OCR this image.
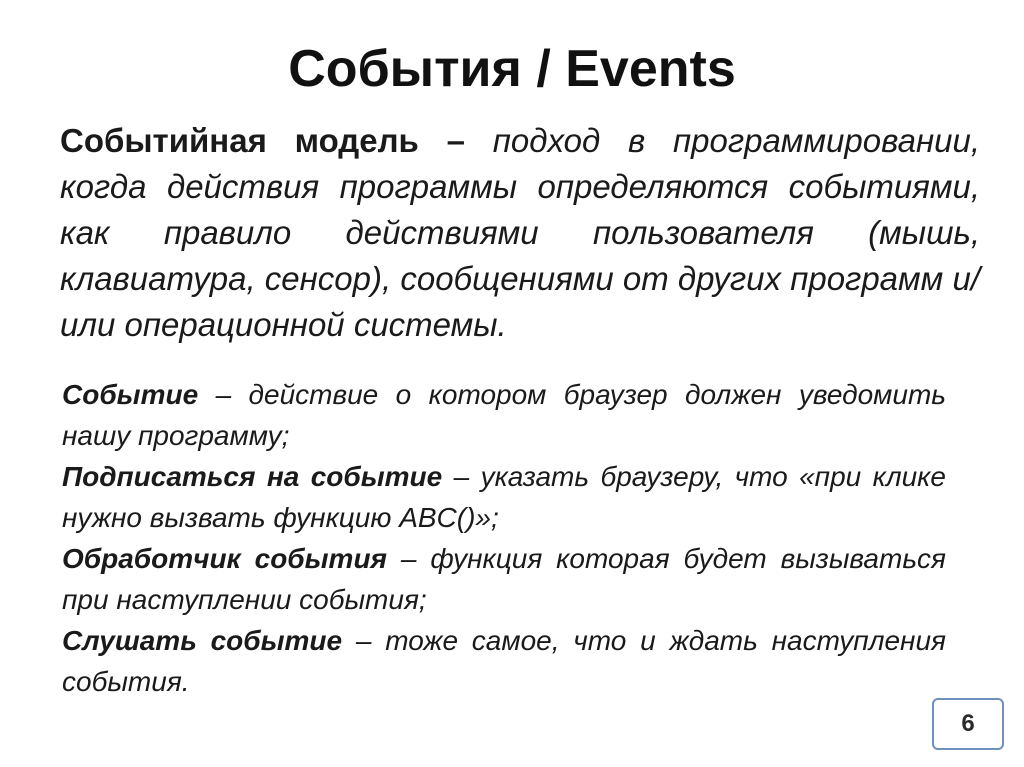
События / Events

Событийная модель – подход в программировании, когда действия программы определяются событиями, как правило действиями пользователя (мышь, клавиатура, сенсор), сообщениями от других программ и/или операционной системы.

Событие – действие о котором браузер должен уведомить нашу программу;

Подписаться на событие – указать браузеру, что «при клике нужно вызвать функцию ABC()»;

Обработчик события – функция которая будет вызываться при наступлении события;

Слушать событие – тоже самое, что и ждать наступления события.

6
